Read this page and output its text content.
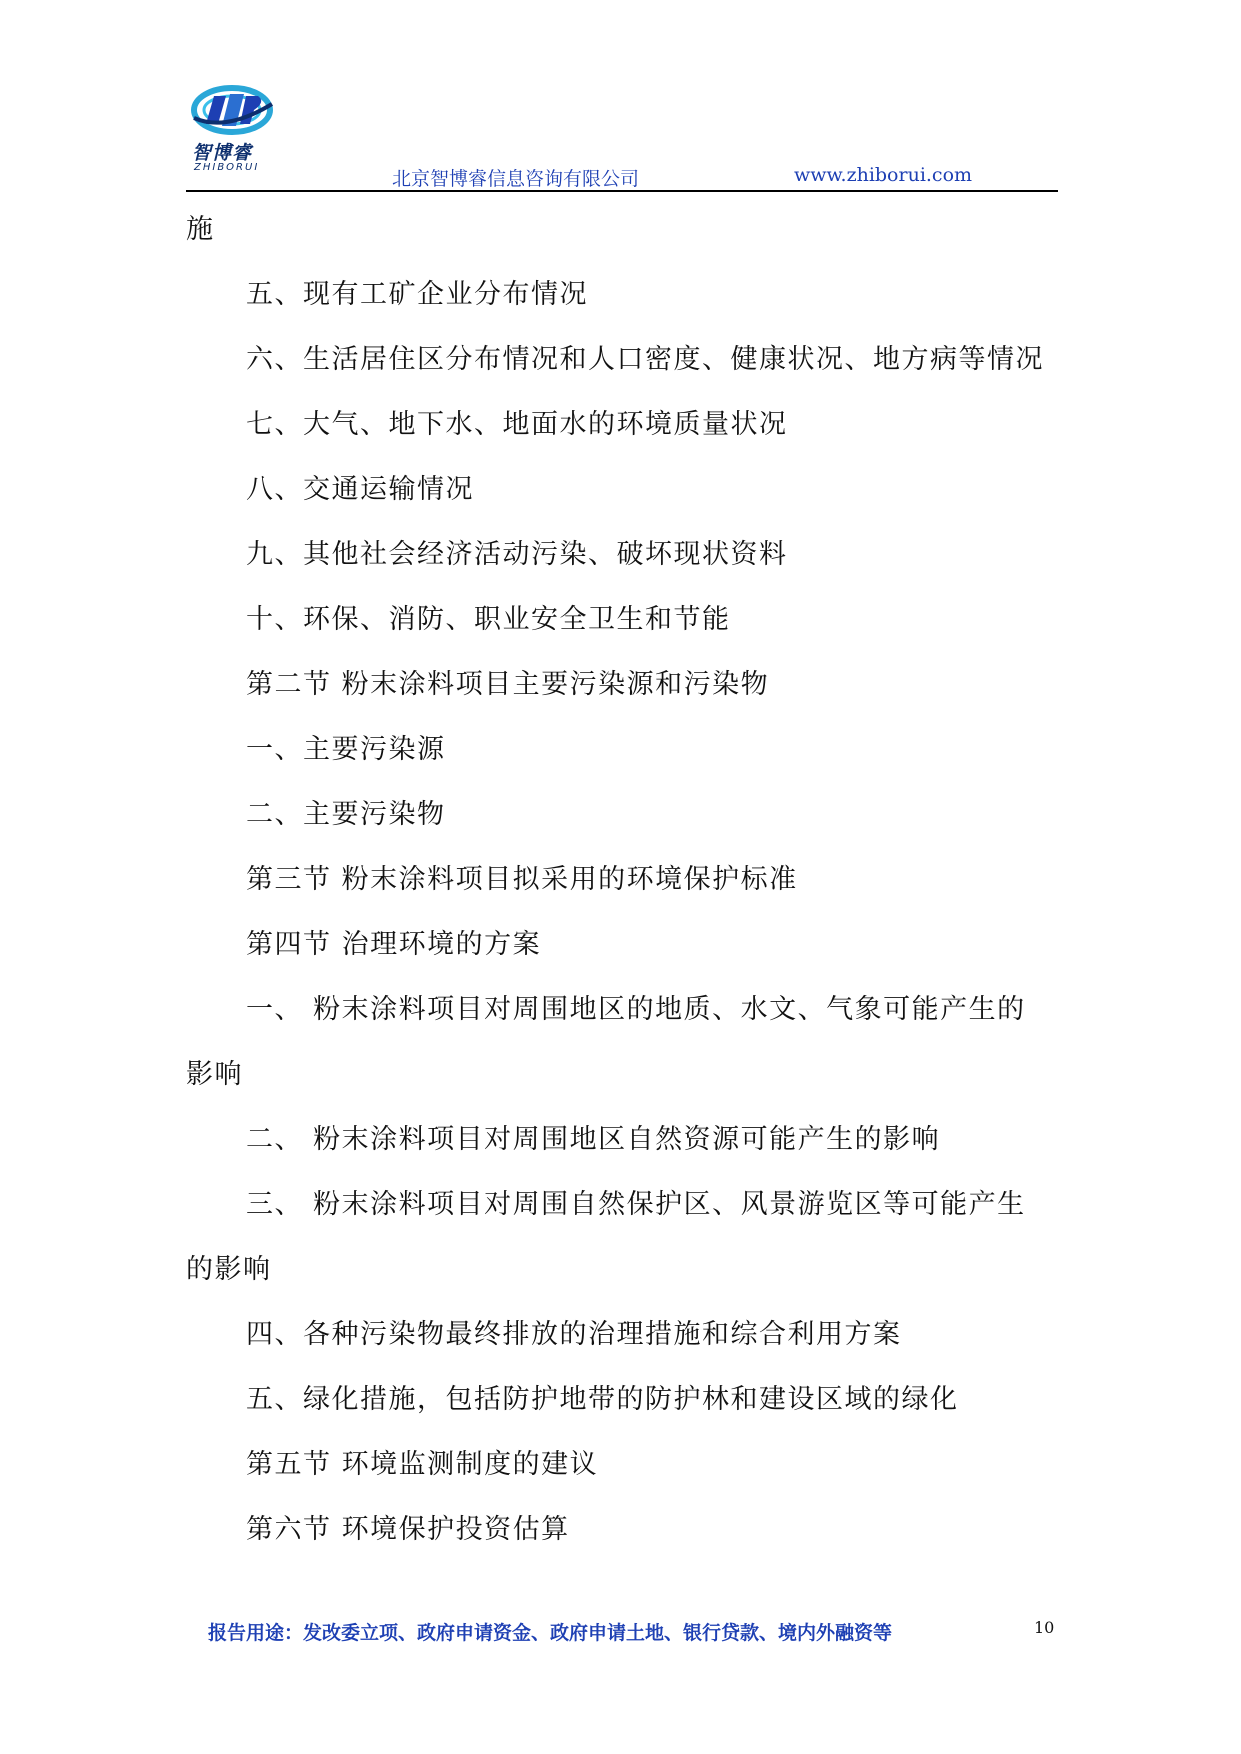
智博睿
ZHIBORUI
北京智博睿信息咨询有限公司	www.zhiborui.com
施
五、现有工矿企业分布情况
六、生活居住区分布情况和人口密度、健康状况、地方病等情况
七、大气、地下水、地面水的环境质量状况
八、交通运输情况
九、其他社会经济活动污染、破坏现状资料
十、环保、消防、职业安全卫生和节能
第二节 粉末涂料项目主要污染源和污染物
一、主要污染源
二、主要污染物
第三节 粉末涂料项目拟采用的环境保护标准
第四节 治理环境的方案
一、 粉末涂料项目对周围地区的地质、水文、气象可能产生的
影响
二、 粉末涂料项目对周围地区自然资源可能产生的影响
三、 粉末涂料项目对周围自然保护区、风景游览区等可能产生
的影响
四、各种污染物最终排放的治理措施和综合利用方案
五、绿化措施，包括防护地带的防护林和建设区域的绿化
第五节 环境监测制度的建议
第六节 环境保护投资估算
报告用途：发改委立项、政府申请资金、政府申请土地、银行贷款、境内外融资等	10
